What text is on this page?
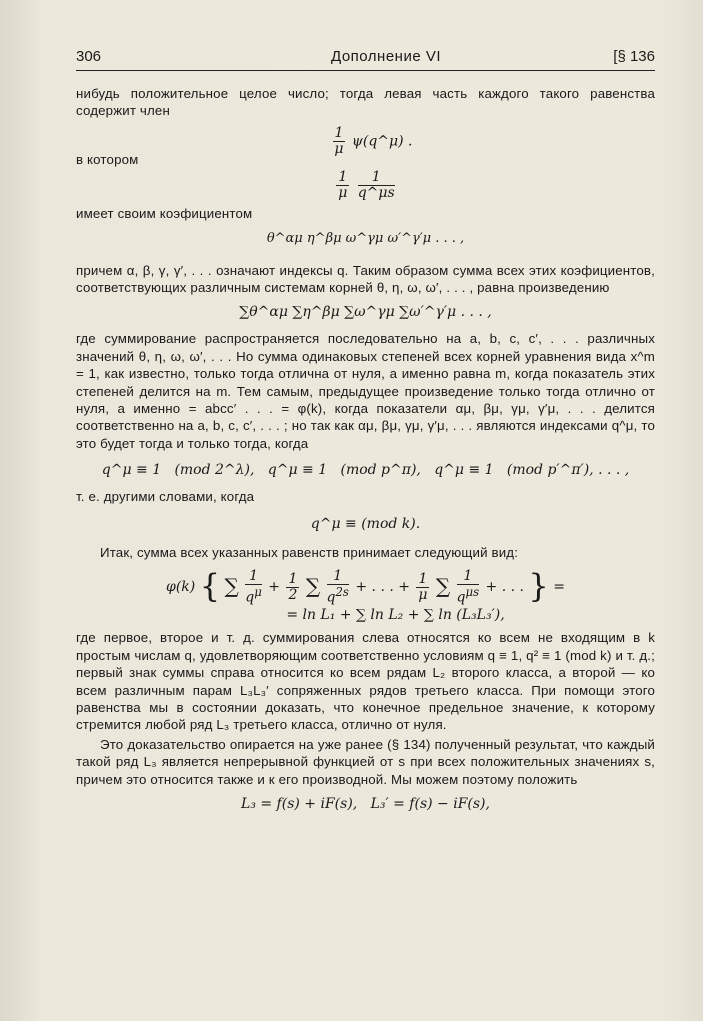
306	Дополнение VI	[§ 136

нибудь положительное целое число; тогда левая часть каждого такого равенства содержит член

$\frac{1}{\mu}$ ψ(q^μ) .

в котором

$\frac{1}{\mu}$
$\frac{1}{q\^{}\mu s}$

имеет своим коэфициентом

θ^αμ η^βμ ω^γμ ω′^γ′μ . . . ,

причем α, β, γ, γ′, . . . означают индексы q. Таким образом сумма всех этих коэфициентов, соответствующих различным системам корней θ, η, ω, ω′, . . . , равна произведению

∑θ^αμ ∑η^βμ ∑ω^γμ ∑ω′^γ′μ . . . ,

где суммирование распространяется последовательно на a, b, c, c′, . . . различных значений θ, η, ω, ω′, . . . Но сумма одинаковых степеней всех корней уравнения вида x^m = 1, как известно, только тогда отлична от нуля, а именно равна m, когда показатель этих степеней делится на m. Тем самым, предыдущее произведение только тогда отлично от нуля, а именно = abcc′ . . . = φ(k), когда показатели αμ, βμ, γμ, γ′μ, . . . делится соответственно на a, b, c, c′, . . . ; но так как αμ, βμ, γμ, γ′μ, . . . являются индексами q^μ, то это будет тогда и только тогда, когда

q^μ ≡ 1   (mod 2^λ),   q^μ ≡ 1   (mod p^π),   q^μ ≡ 1   (mod p′^π′), . . . ,

т. е. другими словами, когда

q^μ ≡ (mod k).

Итак, сумма всех указанных равенств принимает следующий вид:

φ(k) { ∑ $\frac{1}{q^\mu} + \frac{1}{2}$ ∑ $\frac{1}{q^{2s}}$ + . . . + $\frac{1}{\mu}$ ∑ $\frac{1}{q^{\mu s}}$ + . . . } =
= ln L₁ + ∑ ln L₂ + ∑ ln (L₃L₃′),

где первое, второе и т. д. суммирования слева относятся ко всем не входящим в k простым числам q, удовлетворяющим соответственно условиям q ≡ 1, q² ≡ 1 (mod k) и т. д.; первый знак суммы справа относится ко всем рядам L₂ второго класса, а второй — ко всем различным парам L₃L₃′ сопряженных рядов третьего класса. При помощи этого равенства мы в состоянии доказать, что конечное предельное значение, к которому стремится любой ряд L₃ третьего класса, отлично от нуля.

Это доказательство опирается на уже ранее (§ 134) полученный результат, что каждый такой ряд L₃ является непрерывной функцией от s при всех положительных значениях s, причем это относится также и к его производной. Мы можем поэтому положить

L₃ = f(s) + iF(s),   L₃′ = f(s) − iF(s),
